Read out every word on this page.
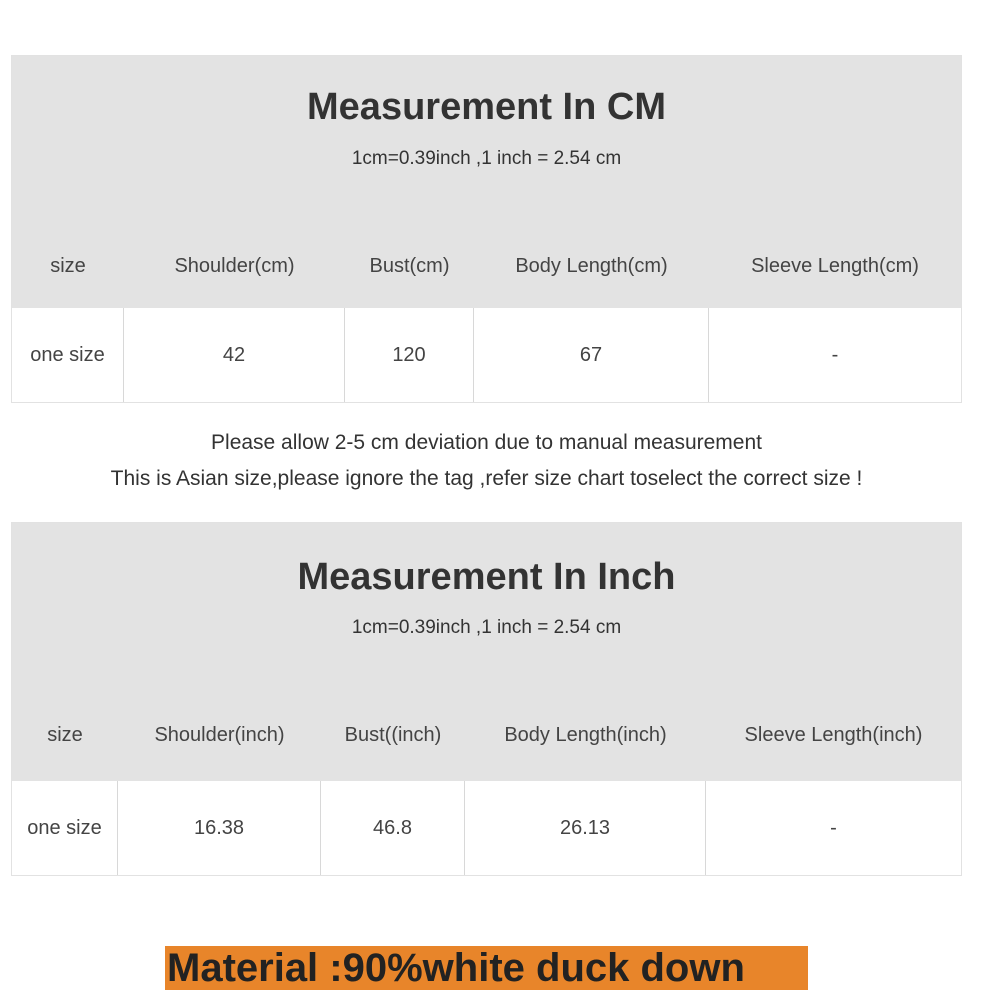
Measurement In CM
1cm=0.39inch ,1 inch = 2.54 cm
size	Shoulder(cm)	Bust(cm)	Body Length(cm)	Sleeve Length(cm)
one size	42	120	67	-
Please allow 2-5 cm deviation due to manual measurement
This is Asian size,please ignore the tag ,refer size chart toselect the correct size !
Measurement In Inch
1cm=0.39inch ,1 inch = 2.54 cm
size	Shoulder(inch)	Bust((inch)	Body Length(inch)	Sleeve Length(inch)
one size	16.38	46.8	26.13	-
Material :90%white duck down
